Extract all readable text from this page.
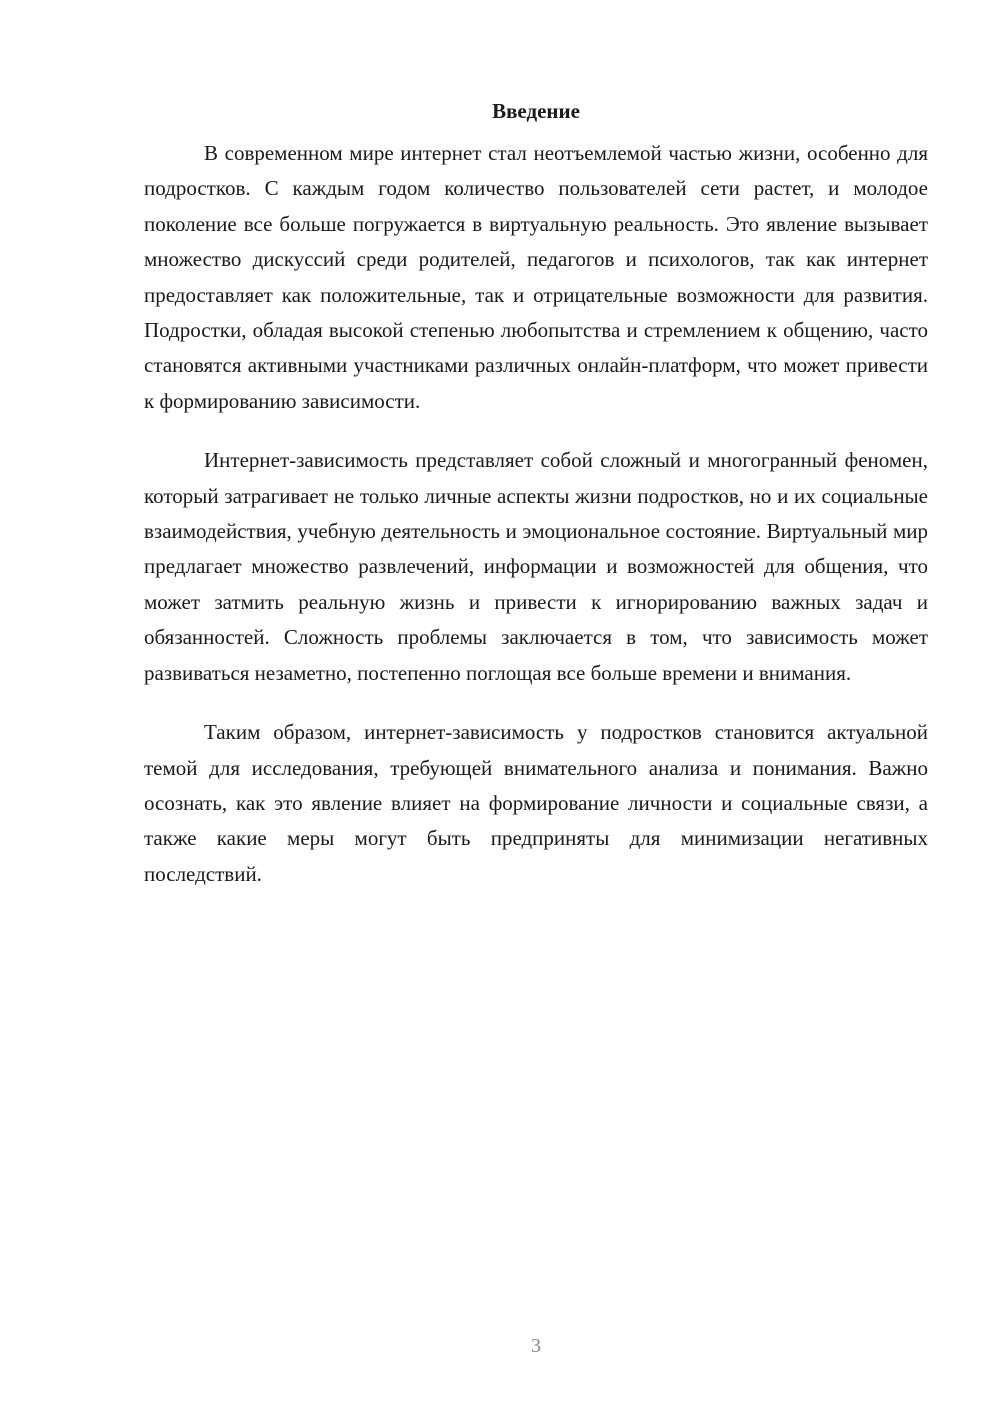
Введение

В современном мире интернет стал неотъемлемой частью жизни, особенно для подростков. С каждым годом количество пользователей сети растет, и молодое поколение все больше погружается в виртуальную реальность. Это явление вызывает множество дискуссий среди родителей, педагогов и психологов, так как интернет предоставляет как положительные, так и отрицательные возможности для развития. Подростки, обладая высокой степенью любопытства и стремлением к общению, часто становятся активными участниками различных онлайн-платформ, что может привести к формированию зависимости.

Интернет-зависимость представляет собой сложный и многогранный феномен, который затрагивает не только личные аспекты жизни подростков, но и их социальные взаимодействия, учебную деятельность и эмоциональное состояние. Виртуальный мир предлагает множество развлечений, информации и возможностей для общения, что может затмить реальную жизнь и привести к игнорированию важных задач и обязанностей. Сложность проблемы заключается в том, что зависимость может развиваться незаметно, постепенно поглощая все больше времени и внимания.

Таким образом, интернет-зависимость у подростков становится актуальной темой для исследования, требующей внимательного анализа и понимания. Важно осознать, как это явление влияет на формирование личности и социальные связи, а также какие меры могут быть предприняты для минимизации негативных последствий.

3
